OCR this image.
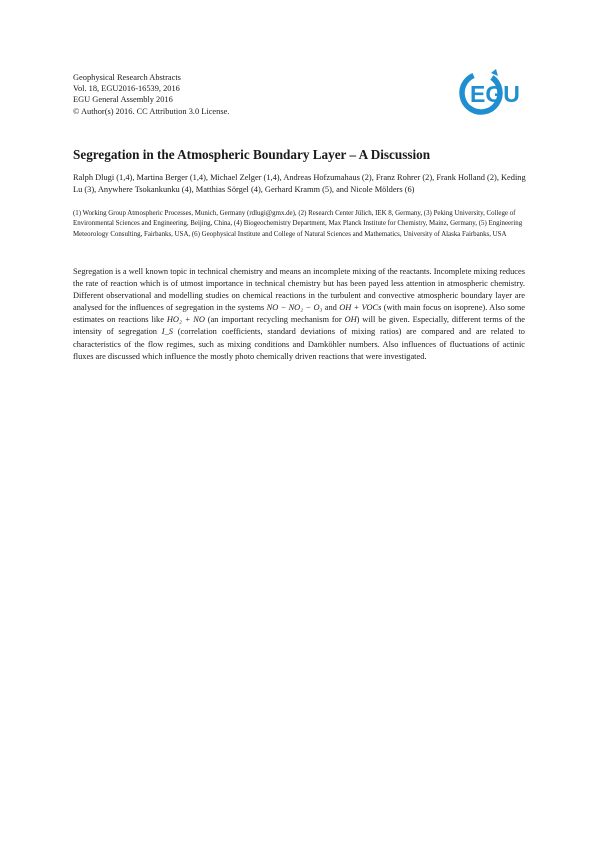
Geophysical Research Abstracts
Vol. 18, EGU2016-16539, 2016
EGU General Assembly 2016
© Author(s) 2016. CC Attribution 3.0 License.
EGU
Segregation in the Atmospheric Boundary Layer – A Discussion
Ralph Dlugi (1,4), Martina Berger (1,4), Michael Zelger (1,4), Andreas Hofzumahaus (2), Franz Rohrer (2), Frank Holland (2), Keding Lu (3), Anywhere Tsokankunku (4), Matthias Sörgel (4), Gerhard Kramm (5), and Nicole Mölders (6)
(1) Working Group Atmospheric Processes, Munich, Germany (rdlugi@gmx.de), (2) Research Center Jülich, IEK 8, Germany, (3) Peking University, College of Environmental Sciences and Engineering, Beijing, China, (4) Biogeochemistry Department, Max Planck Institute for Chemistry, Mainz, Germany, (5) Engineering Meteorology Consulting, Fairbanks, USA, (6) Geophysical Institute and College of Natural Sciences and Mathematics, University of Alaska Fairbanks, USA

Segregation is a well known topic in technical chemistry and means an incomplete mixing of the reactants. Incomplete mixing reduces the rate of reaction which is of utmost importance in technical chemistry but has been payed less attention in atmospheric chemistry. Different observational and modelling studies on chemical reactions in the turbulent and convective atmospheric boundary layer are analysed for the influences of segregation in the systems NO − NO₂ − O₃ and OH + VOCs (with main focus on isoprene). Also some estimates on reactions like HO₂ + NO (an important recycling mechanism for OH) will be given. Especially, different terms of the intensity of segregation I_S (correlation coefficients, standard deviations of mixing ratios) are compared and are related to characteristics of the flow regimes, such as mixing conditions and Damköhler numbers. Also influences of fluctuations of actinic fluxes are discussed which influence the mostly photo chemically driven reactions that were investigated.
